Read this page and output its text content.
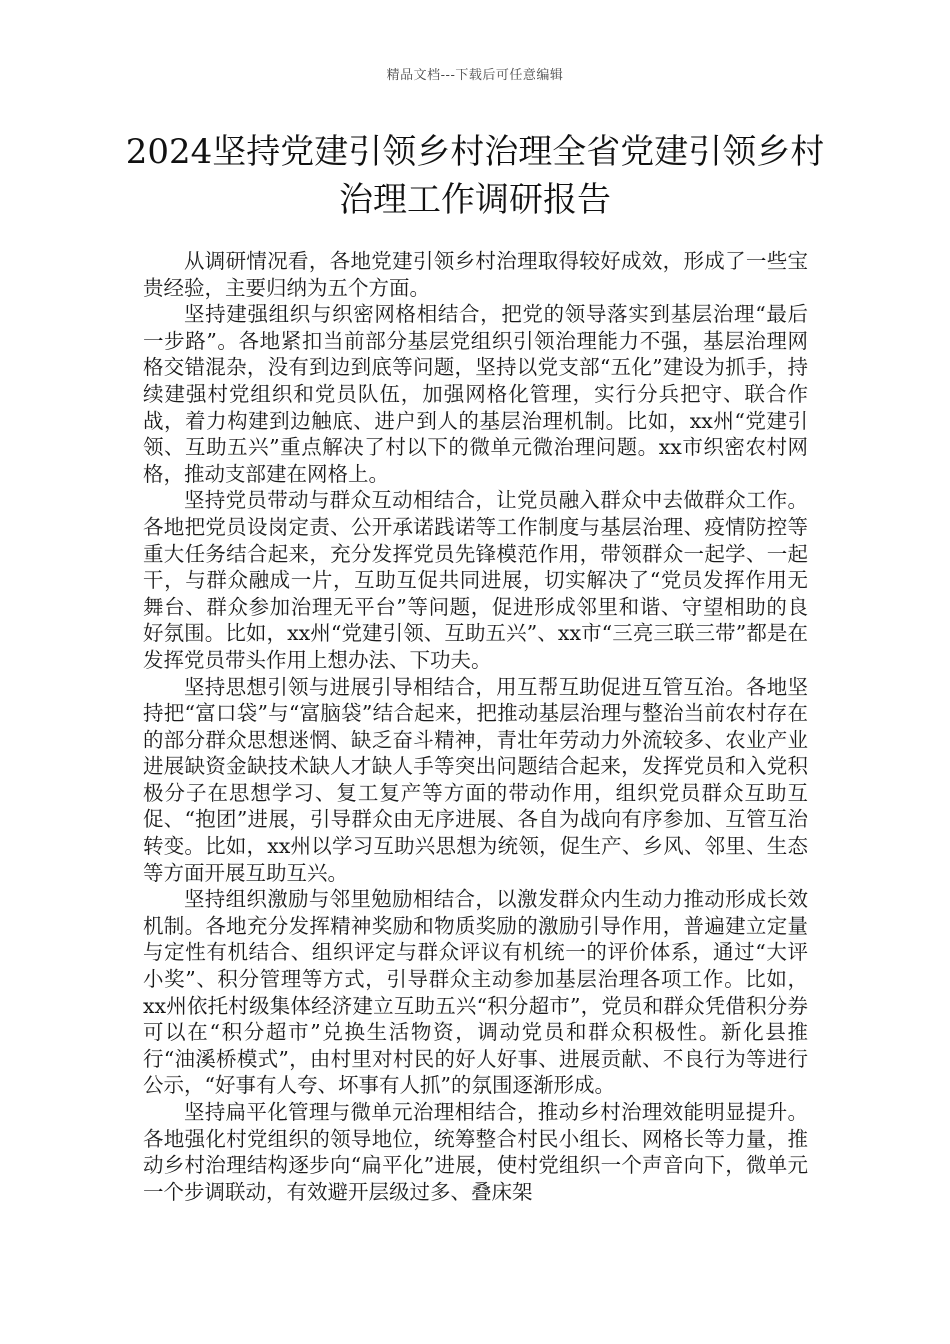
精品文档---下载后可任意编辑
2024坚持党建引领乡村治理全省党建引领乡村治理工作调研报告

从调研情况看，各地党建引领乡村治理取得较好成效，形成了一些宝贵经验，主要归纳为五个方面。

坚持建强组织与织密网格相结合，把党的领导落实到基层治理“最后一步路”。各地紧扣当前部分基层党组织引领治理能力不强，基层治理网格交错混杂，没有到边到底等问题，坚持以党支部“五化”建设为抓手，持续建强村党组织和党员队伍，加强网格化管理，实行分兵把守、联合作战，着力构建到边触底、进户到人的基层治理机制。比如，xx州“党建引领、互助五兴”重点解决了村以下的微单元微治理问题。xx市织密农村网格，推动支部建在网格上。

坚持党员带动与群众互动相结合，让党员融入群众中去做群众工作。各地把党员设岗定责、公开承诺践诺等工作制度与基层治理、疫情防控等重大任务结合起来，充分发挥党员先锋模范作用，带领群众一起学、一起干，与群众融成一片，互助互促共同进展，切实解决了“党员发挥作用无舞台、群众参加治理无平台”等问题，促进形成邻里和谐、守望相助的良好氛围。比如，xx州“党建引领、互助五兴”、xx市“三亮三联三带”都是在发挥党员带头作用上想办法、下功夫。

坚持思想引领与进展引导相结合，用互帮互助促进互管互治。各地坚持把“富口袋”与“富脑袋”结合起来，把推动基层治理与整治当前农村存在的部分群众思想迷惘、缺乏奋斗精神，青壮年劳动力外流较多、农业产业进展缺资金缺技术缺人才缺人手等突出问题结合起来，发挥党员和入党积极分子在思想学习、复工复产等方面的带动作用，组织党员群众互助互促、“抱团”进展，引导群众由无序进展、各自为战向有序参加、互管互治转变。比如，xx州以学习互助兴思想为统领，促生产、乡风、邻里、生态等方面开展互助互兴。

坚持组织激励与邻里勉励相结合，以激发群众内生动力推动形成长效机制。各地充分发挥精神奖励和物质奖励的激励引导作用，普遍建立定量与定性有机结合、组织评定与群众评议有机统一的评价体系，通过“大评小奖”、积分管理等方式，引导群众主动参加基层治理各项工作。比如，xx州依托村级集体经济建立互助五兴“积分超市”，党员和群众凭借积分券可以在“积分超市”兑换生活物资，调动党员和群众积极性。新化县推行“油溪桥模式”，由村里对村民的好人好事、进展贡献、不良行为等进行公示，“好事有人夸、坏事有人抓”的氛围逐渐形成。

坚持扁平化管理与微单元治理相结合，推动乡村治理效能明显提升。各地强化村党组织的领导地位，统筹整合村民小组长、网格长等力量，推动乡村治理结构逐步向“扁平化”进展，使村党组织一个声音向下，微单元一个步调联动，有效避开层级过多、叠床架
